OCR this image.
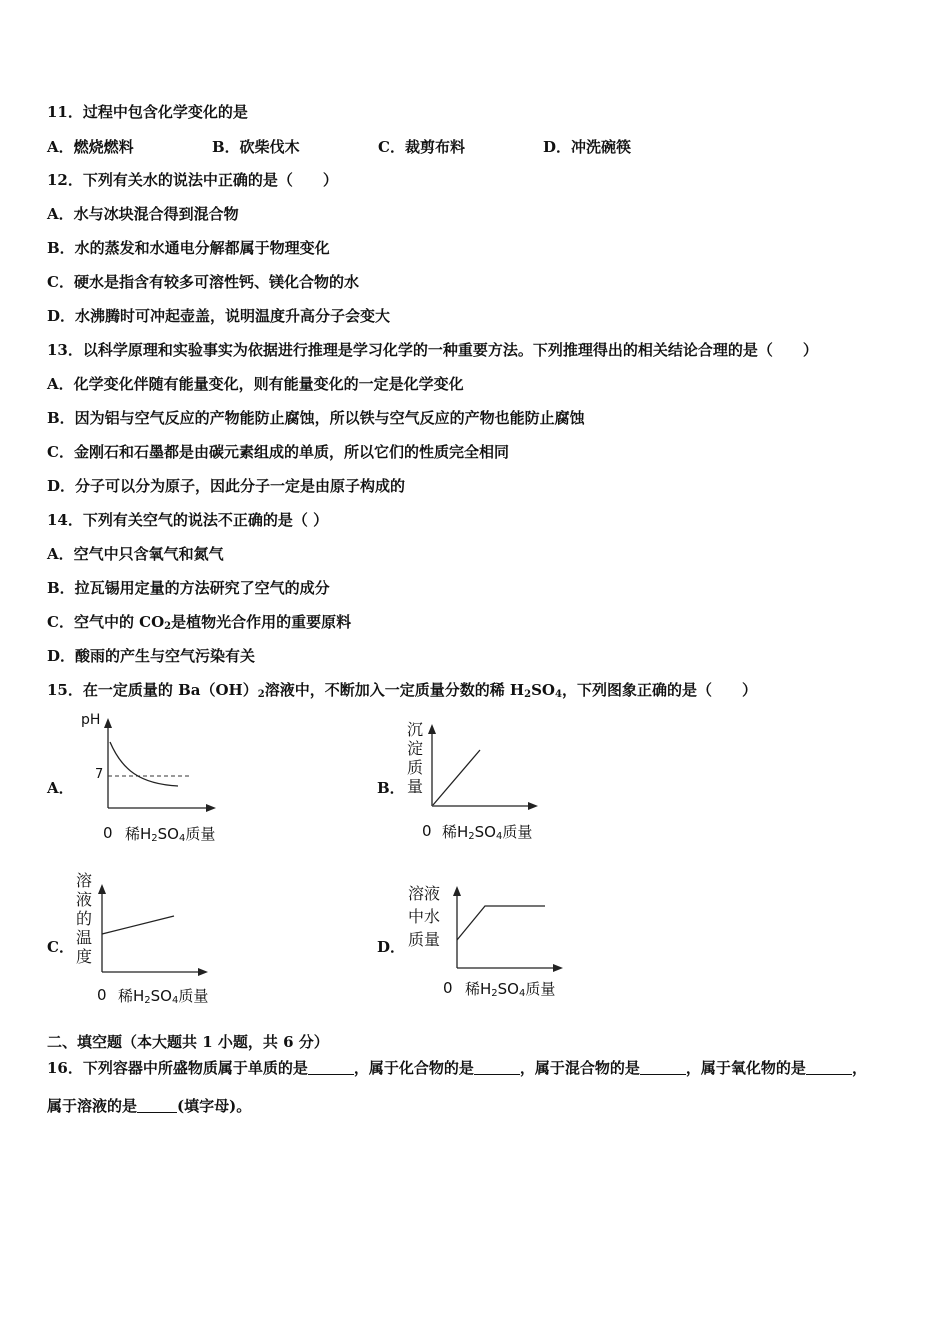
11．过程中包含化学变化的是
A．燃烧燃料	B．砍柴伐木	C．裁剪布料	D．冲洗碗筷
12．下列有关水的说法中正确的是（　　）
A．水与冰块混合得到混合物
B．水的蒸发和水通电分解都属于物理变化
C．硬水是指含有较多可溶性钙、镁化合物的水
D．水沸腾时可冲起壶盖，说明温度升高分子会变大
13．以科学原理和实验事实为依据进行推理是学习化学的一种重要方法。下列推理得出的相关结论合理的是（　　）
A．化学变化伴随有能量变化，则有能量变化的一定是化学变化
B．因为铝与空气反应的产物能防止腐蚀，所以铁与空气反应的产物也能防止腐蚀
C．金刚石和石墨都是由碳元素组成的单质，所以它们的性质完全相同
D．分子可以分为原子，因此分子一定是由原子构成的
14．下列有关空气的说法不正确的是（ ）
A．空气中只含氧气和氮气
B．拉瓦锡用定量的方法研究了空气的成分
C．空气中的 $CO_2$是植物光合作用的重要原料
D．酸雨的产生与空气污染有关
15．在一定质量的 $Ba(OH)_2$溶液中，不断加入一定质量分数的稀 $H_2SO_4$，下列图象正确的是（　　）
A．
pH
7
0 稀$H_2SO_4$质量
B．
沉淀质量
0 稀$H_2SO_4$质量
C．
溶液的温度
0 稀$H_2SO_4$质量
D．
溶液
中水
质量
0 稀$H_2SO_4$质量
二、填空题（本大题共 1 小题，共 6 分）
16．下列容器中所盛物质属于单质的是	，属于化合物的是	，属于混合物的是	，属于氧化物的是	，
属于溶液的是	(填字母)。
